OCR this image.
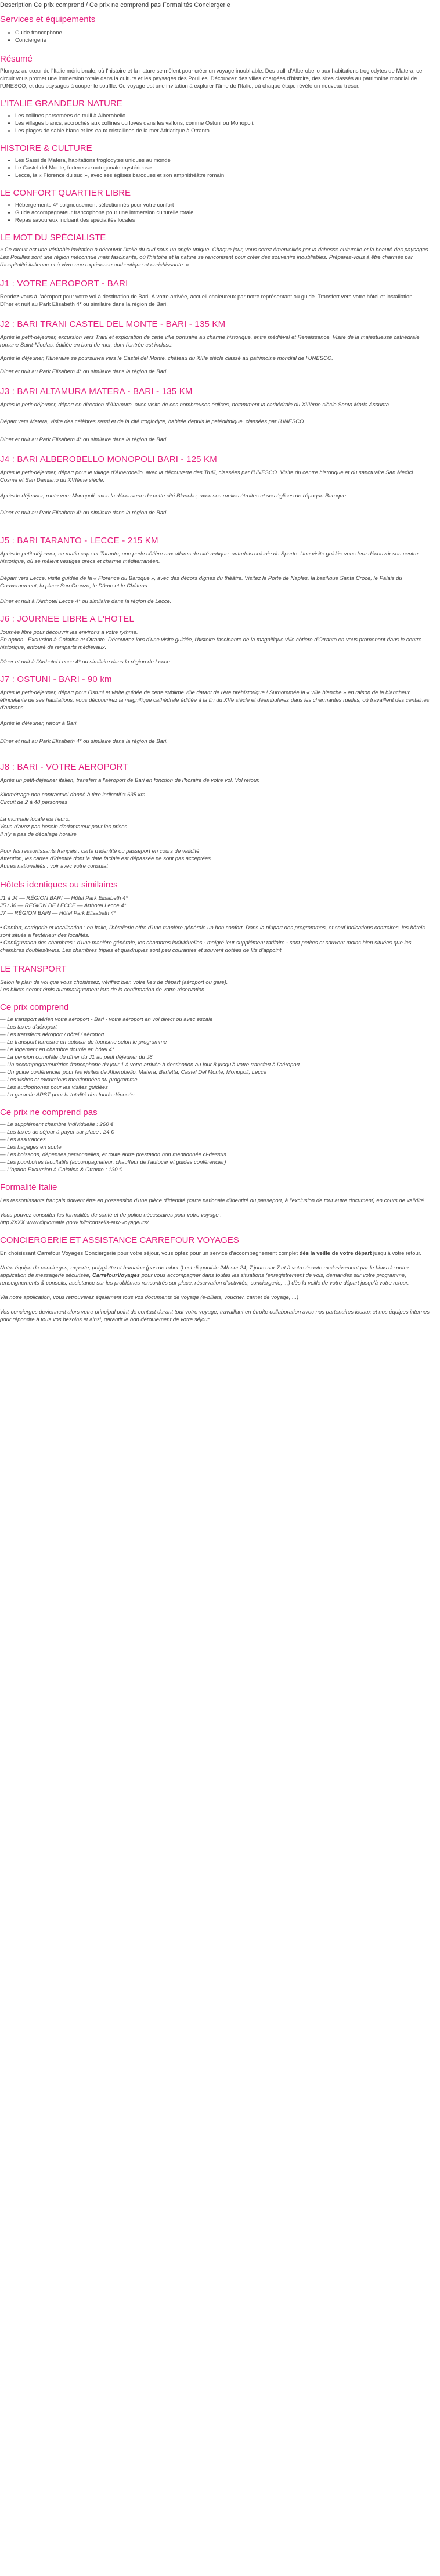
Description Ce prix comprend / Ce prix ne comprend pas Formalités Conciergerie
Services et équipements
• Guide francophone
• Conciergerie
Résumé

Plongez au cœur de l'Italie méridionale, où l'histoire et la nature se mêlent pour créer un voyage inoubliable. Des trulli d'Alberobello aux habitations troglodytes de Matera, ce circuit vous promet une immersion totale dans la culture et les paysages des Pouilles. Découvrez des villes chargées d'histoire, des sites classés au patrimoine mondial de l'UNESCO, et des paysages à couper le souffle. Ce voyage est une invitation à explorer l'âme de l'Italie, où chaque étape révèle un nouveau trésor.

L'ITALIE GRANDEUR NATURE
• Les collines parsemées de trulli à Alberobello
• Les villages blancs, accrochés aux collines ou lovés dans les vallons, comme Ostuni ou Monopoli.
• Les plages de sable blanc et les eaux cristallines de la mer Adriatique à Otranto
HISTOIRE & CULTURE
• Les Sassi de Matera, habitations troglodytes uniques au monde
• Le Castel del Monte, forteresse octogonale mystérieuse
• Lecce, la « Florence du sud », avec ses églises baroques et son amphithéâtre romain
LE CONFORT QUARTIER LIBRE
• Hébergements 4* soigneusement sélectionnés pour votre confort
• Guide accompagnateur francophone pour une immersion culturelle totale
• Repas savoureux incluant des spécialités locales
LE MOT DU SPÉCIALISTE

« Ce circuit est une véritable invitation à découvrir l'Italie du sud sous un angle unique. Chaque jour, vous serez émerveillés par la richesse culturelle et la beauté des paysages. Les Pouilles sont une région méconnue mais fascinante, où l'histoire et la nature se rencontrent pour créer des souvenirs inoubliables. Préparez-vous à être charmés par l'hospitalité italienne et à vivre une expérience authentique et enrichissante. »

J1 : VOTRE AEROPORT - BARI

Rendez-vous à l'aéroport pour votre vol à destination de Bari. À votre arrivée, accueil chaleureux par notre représentant ou guide. Transfert vers votre hôtel et installation.

Dîner et nuit au Park Elisabeth 4* ou similaire dans la région de Bari.

J2 : BARI TRANI CASTEL DEL MONTE - BARI - 135 KM

Après le petit-déjeuner, excursion vers Trani et exploration de cette ville portuaire au charme historique, entre médiéval et Renaissance. Visite de la majestueuse cathédrale romane Saint-Nicolas, édifiée en bord de mer, dont l'entrée est incluse.

Après le déjeuner, l'itinéraire se poursuivra vers le Castel del Monte, château du XIIIe siècle classé au patrimoine mondial de l'UNESCO.

Dîner et nuit au Park Elisabeth 4* ou similaire dans la région de Bari.

J3 : BARI ALTAMURA MATERA - BARI - 135 KM

Après le petit-déjeuner, départ en direction d'Altamura, avec visite de ces nombreuses églises, notamment la cathédrale du XIIIème siècle Santa Maria Assunta.

Départ vers Matera, visite des célèbres sassi et de la cité troglodyte, habitée depuis le paléolithique, classées par l'UNESCO.

Dîner et nuit au Park Elisabeth 4* ou similaire dans la région de Bari.

J4 : BARI ALBEROBELLO MONOPOLI BARI - 125 KM

Après le petit-déjeuner, départ pour le village d'Alberobello, avec la découverte des Trulli, classées par l'UNESCO. Visite du centre historique et du sanctuaire San Medici Cosma et San Damiano du XVIème siècle.

Après le déjeuner, route vers Monopoli, avec la découverte de cette cité Blanche, avec ses ruelles étroites et ses églises de l'époque Baroque.

Dîner et nuit au Park Elisabeth 4* ou similaire dans la région de Bari.

J5 : BARI TARANTO - LECCE - 215 KM

Après le petit-déjeuner, ce matin cap sur Taranto, une perle côtière aux allures de cité antique, autrefois colonie de Sparte. Une visite guidée vous fera découvrir son centre historique, où se mêlent vestiges grecs et charme méditerranéen.

Départ vers Lecce, visite guidée de la « Florence du Baroque », avec des décors dignes du théâtre. Visitez la Porte de Naples, la basilique Santa Croce, le Palais du Gouvernement, la place San Oronzo, le Dôme et le Château.

Dîner et nuit à l'Arthotel Lecce 4* ou similaire dans la région de Lecce.

J6 : JOURNEE LIBRE A L'HOTEL

Journée libre pour découvrir les environs à votre rythme.
En option : Excursion à Galatina et Otranto. Découvrez lors d'une visite guidée, l'histoire fascinante de la magnifique ville côtière d'Otranto en vous promenant dans le centre historique, entouré de remparts médiévaux.

Dîner et nuit à l'Arthotel Lecce 4* ou similaire dans la région de Lecce.

J7 : OSTUNI - BARI - 90 km

Après le petit-déjeuner, départ pour Ostuni et visite guidée de cette sublime ville datant de l'ère préhistorique ! Surnommée la « ville blanche » en raison de la blancheur étincelante de ses habitations, vous découvrirez la magnifique cathédrale édifiée à la fin du XVe siècle et déambulerez dans les charmantes ruelles, où travaillent des centaines d'artisans.

Après le déjeuner, retour à Bari.

Dîner et nuit au Park Elisabeth 4* ou similaire dans la région de Bari.

J8 : BARI - VOTRE AEROPORT

Après un petit-déjeuner italien, transfert à l'aéroport de Bari en fonction de l'horaire de votre vol. Vol retour.

Kilométrage non contractuel donné à titre indicatif ≈ 635 km
Circuit de 2 à 48 personnes

La monnaie locale est l'euro.
Vous n'avez pas besoin d'adaptateur pour les prises
Il n'y a pas de décalage horaire

Pour les ressortissants français : carte d'identité ou passeport en cours de validité
Attention, les cartes d'identité dont la date faciale est dépassée ne sont pas acceptées.
Autres nationalités : voir avec votre consulat

Hôtels identiques ou similaires

J1 à J4 — RÉGION BARI — Hôtel Park Elisabeth 4*

J5 / J6 — RÉGION DE LECCE — Arthotel Lecce 4*

J7 — RÉGION BARI — Hôtel Park Elisabeth 4*

• Confort, catégorie et localisation : en Italie, l'hôtellerie offre d'une manière générale un bon confort. Dans la plupart des programmes, et sauf indications contraires, les hôtels sont situés à l'extérieur des localités.

• Configuration des chambres : d'une manière générale, les chambres individuelles - malgré leur supplément tarifaire - sont petites et souvent moins bien situées que les chambres doubles/twins. Les chambres triples et quadruples sont peu courantes et souvent dotées de lits d'appoint.

LE TRANSPORT

Selon le plan de vol que vous choisissez, vérifiez bien votre lieu de départ (aéroport ou gare).
Les billets seront émis automatiquement lors de la confirmation de votre réservation.

Ce prix comprend

— Le transport aérien votre aéroport - Bari - votre aéroport en vol direct ou avec escale

— Les taxes d'aéroport

— Les transferts aéroport / hôtel / aéroport

— Le transport terrestre en autocar de tourisme selon le programme

— Le logement en chambre double en hôtel 4*

— La pension complète du dîner du J1 au petit déjeuner du J8

— Un accompagnateur/trice francophone du jour 1 à votre arrivée à destination au jour 8 jusqu'à votre transfert à l'aéroport

— Un guide conférencier pour les visites de Alberobello, Matera, Barletta, Castel Del Monte, Monopoli, Lecce

— Les visites et excursions mentionnées au programme

— Les audiophones pour les visites guidées

— La garantie APST pour la totalité des fonds déposés

Ce prix ne comprend pas

— Le supplément chambre individuelle : 260 €

— Les taxes de séjour à payer sur place : 24 €

— Les assurances

— Les bagages en soute

— Les boissons, dépenses personnelles, et toute autre prestation non mentionnée ci-dessus

— Les pourboires facultatifs (accompagnateur, chauffeur de l'autocar et guides conférencier)

— L'option Excursion à Galatina & Otranto : 130 €

Formalité Italie

Les ressortissants français doivent être en possession d'une pièce d'identité (carte nationale d'identité ou passeport, à l'exclusion de tout autre document) en cours de validité.

Vous pouvez consulter les formalités de santé et de police nécessaires pour votre voyage :
http://XXX.www.diplomatie.gouv.fr/fr/conseils-aux-voyageurs/

CONCIERGERIE ET ASSISTANCE CARREFOUR VOYAGES

En choisissant Carrefour Voyages Conciergerie pour votre séjour, vous optez pour un service d'accompagnement complet dès la veille de votre départ jusqu'à votre retour.

Notre équipe de concierges, experte, polyglotte et humaine (pas de robot !) est disponible 24h sur 24, 7 jours sur 7 et à votre écoute exclusivement par le biais de notre application de messagerie sécurisée, CarrefourVoyages pour vous accompagner dans toutes les situations (enregistrement de vols, demandes sur votre programme, renseignements & conseils, assistance sur les problèmes rencontrés sur place, réservation d'activités, conciergerie, ...) dès la veille de votre départ jusqu'à votre retour.

Via notre application, vous retrouverez également tous vos documents de voyage (e-billets, voucher, carnet de voyage, ...)

Vos concierges deviennent alors votre principal point de contact durant tout votre voyage, travaillant en étroite collaboration avec nos partenaires locaux et nos équipes internes pour répondre à tous vos besoins et ainsi, garantir le bon déroulement de votre séjour.
